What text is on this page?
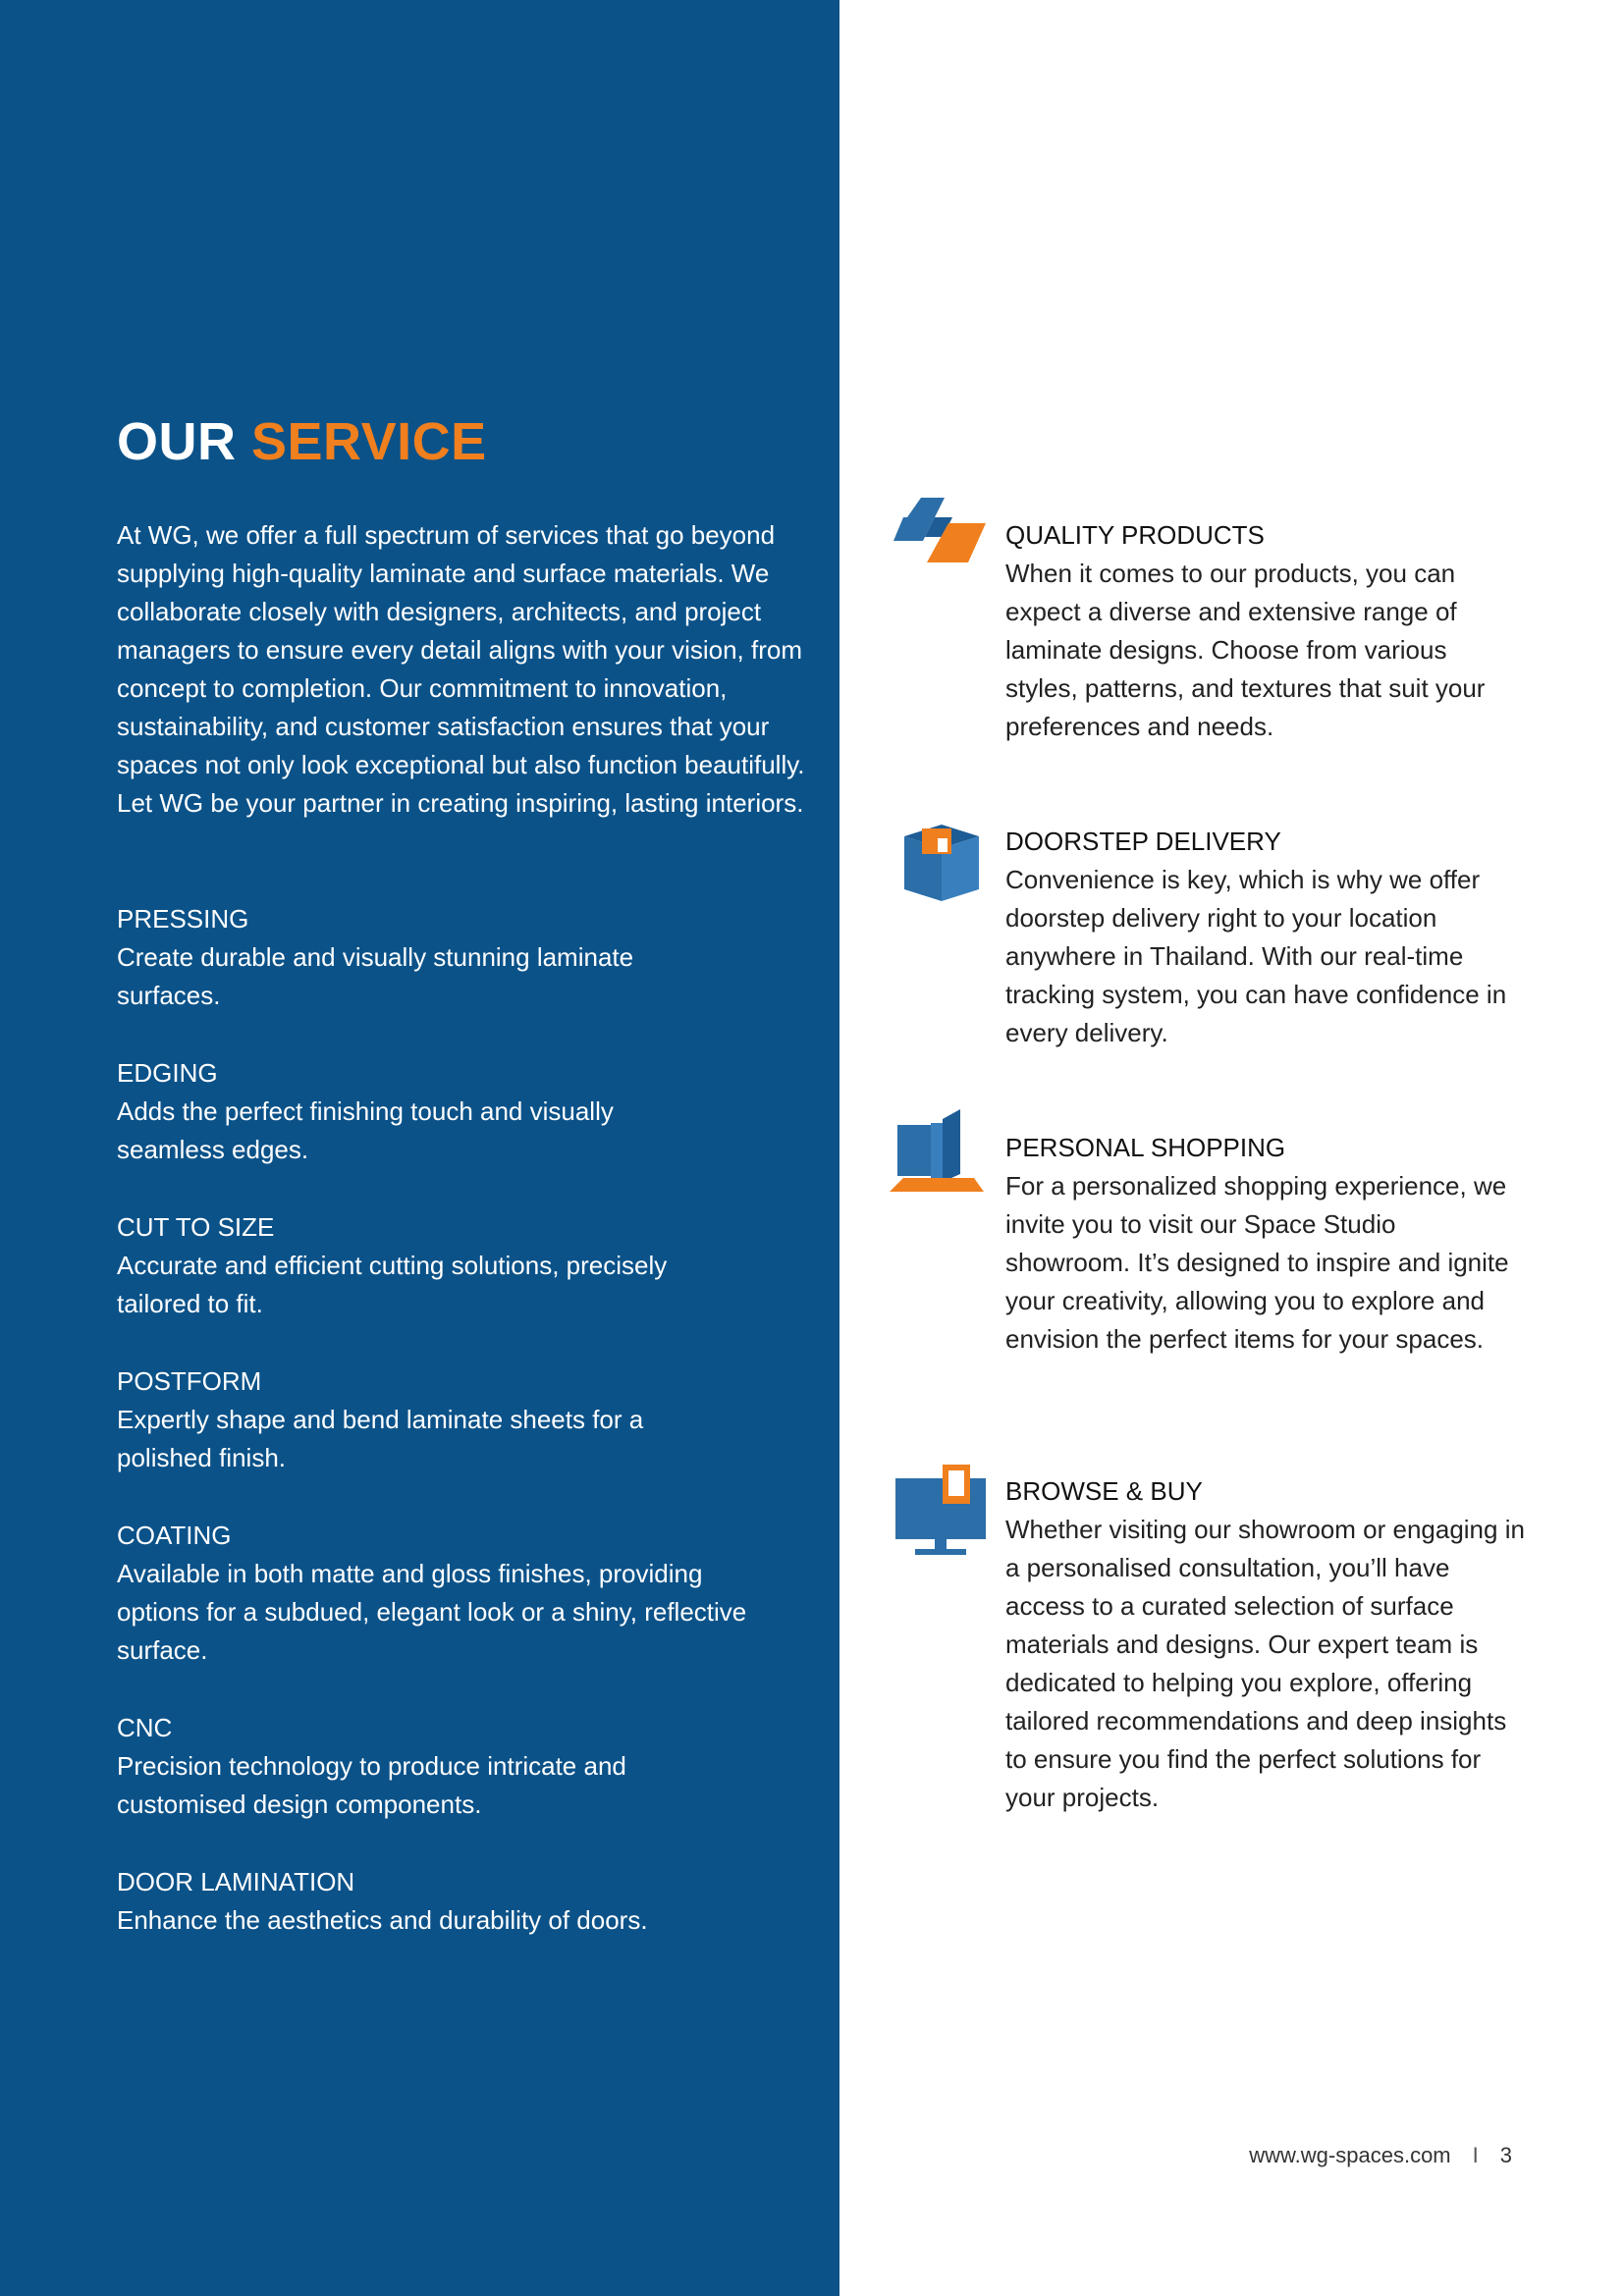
OUR SERVICE

At WG, we offer a full spectrum of services that go beyond supplying high-quality laminate and surface materials. We collaborate closely with designers, architects, and project managers to ensure every detail aligns with your vision, from concept to completion. Our commitment to innovation, sustainability, and customer satisfaction ensures that your spaces not only look exceptional but also function beautifully. Let WG be your partner in creating inspiring, lasting interiors.

PRESSING

Create durable and visually stunning laminate surfaces.

EDGING

Adds the perfect finishing touch and visually seamless edges.

CUT TO SIZE

Accurate and efficient cutting solutions, precisely tailored to fit.

POSTFORM

Expertly shape and bend laminate sheets for a polished finish.

COATING

Available in both matte and gloss finishes, providing options for a subdued, elegant look or a shiny, reflective surface.

CNC

Precision technology to produce intricate and customised design components.

DOOR LAMINATION

Enhance the aesthetics and durability of doors.

QUALITY PRODUCTS

When it comes to our products, you can expect a diverse and extensive range of laminate designs. Choose from various styles, patterns, and textures that suit your preferences and needs.

DOORSTEP DELIVERY

Convenience is key, which is why we offer doorstep delivery right to your location anywhere in Thailand. With our real-time tracking system, you can have confidence in every delivery.

PERSONAL SHOPPING

For a personalized shopping experience, we invite you to visit our Space Studio showroom. It’s designed to inspire and ignite your creativity, allowing you to explore and envision the perfect items for your spaces.

BROWSE & BUY

Whether visiting our showroom or engaging in a personalised consultation, you’ll have access to a curated selection of surface materials and designs. Our expert team is dedicated to helping you explore, offering tailored recommendations and deep insights to ensure you find the perfect solutions for your projects.

www.wg-spaces.com I 3
